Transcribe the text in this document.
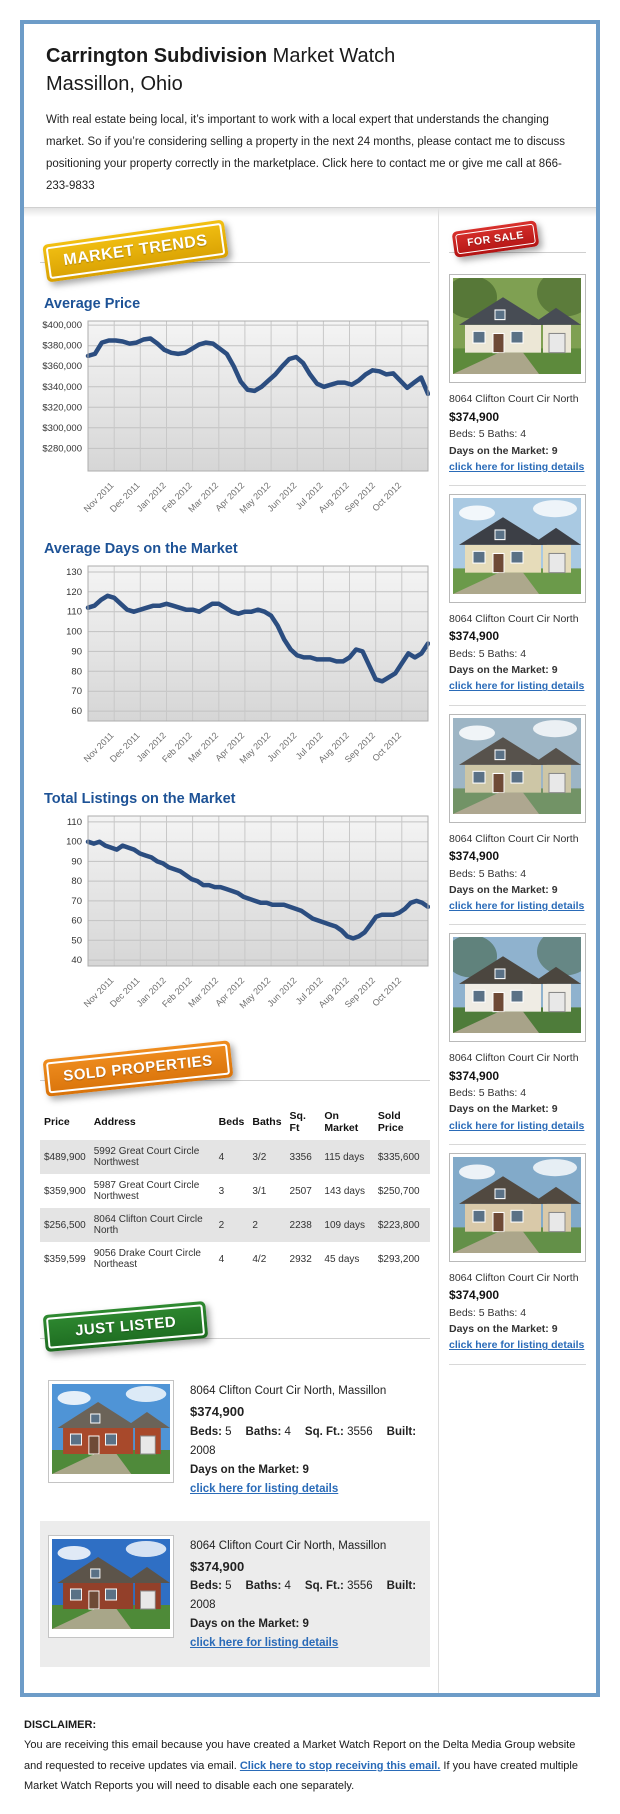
Carrington Subdivision Market Watch
Massillon, Ohio

With real estate being local, it’s important to work with a local expert that understands the changing market. So if you’re considering selling a property in the next 24 months, please contact me to discuss positioning your property correctly in the marketplace. Click here to contact me or give me call at 866-233-9833

MARKET TRENDS
Average Price
$400,000
$380,000
$360,000
$340,000
$320,000
$300,000
$280,000
Nov 2011
Dec 2011
Jan 2012
Feb 2012
Mar 2012
Apr 2012
May 2012
Jun 2012
Jul 2012
Aug 2012
Sep 2012
Oct 2012
Average Days on the Market
130
120
110
100
90
80
70
60
Nov 2011
Dec 2011
Jan 2012
Feb 2012
Mar 2012
Apr 2012
May 2012
Jun 2012
Jul 2012
Aug 2012
Sep 2012
Oct 2012
Total Listings on the Market
110
100
90
80
70
60
50
40
Nov 2011
Dec 2011
Jan 2012
Feb 2012
Mar 2012
Apr 2012
May 2012
Jun 2012
Jul 2012
Aug 2012
Sep 2012
Oct 2012
SOLD PROPERTIES
Price	Address	Beds	Baths	Sq. Ft	On Market	Sold Price
$489,900	5992 Great Court Circle Northwest	4	3/2	3356	115 days	$335,600
$359,900	5987 Great Court Circle Northwest	3	3/1	2507	143 days	$250,700
$256,500	8064 Clifton Court Circle North	2	2	2238	109 days	$223,800
$359,599	9056 Drake Court Circle Northeast	4	4/2	2932	45 days	$293,200
JUST LISTED
8064 Clifton Court Cir North, Massillon
$374,900
Beds: 5 Baths: 4 Sq. Ft.: 3556 Built: 2008
Days on the Market: 9
click here for listing details
8064 Clifton Court Cir North, Massillon
$374,900
Beds: 5 Baths: 4 Sq. Ft.: 3556 Built: 2008
Days on the Market: 9
click here for listing details
FOR SALE
8064 Clifton Court Cir North
$374,900
Beds: 5 Baths: 4
Days on the Market: 9
click here for listing details
8064 Clifton Court Cir North
$374,900
Beds: 5 Baths: 4
Days on the Market: 9
click here for listing details
8064 Clifton Court Cir North
$374,900
Beds: 5 Baths: 4
Days on the Market: 9
click here for listing details
8064 Clifton Court Cir North
$374,900
Beds: 5 Baths: 4
Days on the Market: 9
click here for listing details
8064 Clifton Court Cir North
$374,900
Beds: 5 Baths: 4
Days on the Market: 9
click here for listing details
DISCLAIMER:

You are receiving this email because you have created a Market Watch Report on the Delta Media Group website and requested to receive updates via email. Click here to stop receiving this email. If you have created multiple Market Watch Reports you will need to disable each one separately.
